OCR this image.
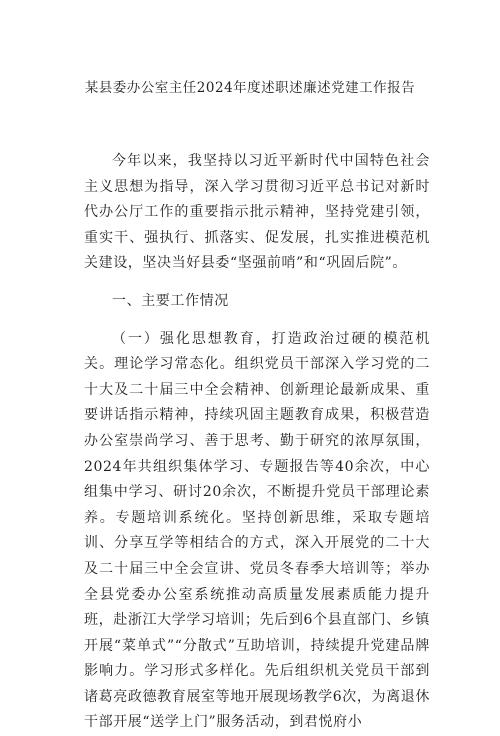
某县委办公室主任2024年度述职述廉述党建工作报告

今年以来，我坚持以习近平新时代中国特色社会主义思想为指导，深入学习贯彻习近平总书记对新时代办公厅工作的重要指示批示精神，坚持党建引领，重实干、强执行、抓落实、促发展，扎实推进模范机关建设，坚决当好县委“坚强前哨”和“巩固后院”。

一、主要工作情况

（一）强化思想教育，打造政治过硬的模范机关。理论学习常态化。组织党员干部深入学习党的二十大及二十届三中全会精神、创新理论最新成果、重要讲话指示精神，持续巩固主题教育成果，积极营造办公室崇尚学习、善于思考、勤于研究的浓厚氛围，2024年共组织集体学习、专题报告等40余次，中心组集中学习、研讨20余次，不断提升党员干部理论素养。专题培训系统化。坚持创新思维，采取专题培训、分享互学等相结合的方式，深入开展党的二十大及二十届三中全会宣讲、党员冬春季大培训等；举办全县党委办公室系统推动高质量发展素质能力提升班，赴浙江大学学习培训；先后到6个县直部门、乡镇开展“菜单式”“分散式”互助培训，持续提升党建品牌影响力。学习形式多样化。先后组织机关党员干部到诸葛亮政德教育展室等地开展现场教学6次，为离退休干部开展“送学上门”服务活动，到君悦府小
